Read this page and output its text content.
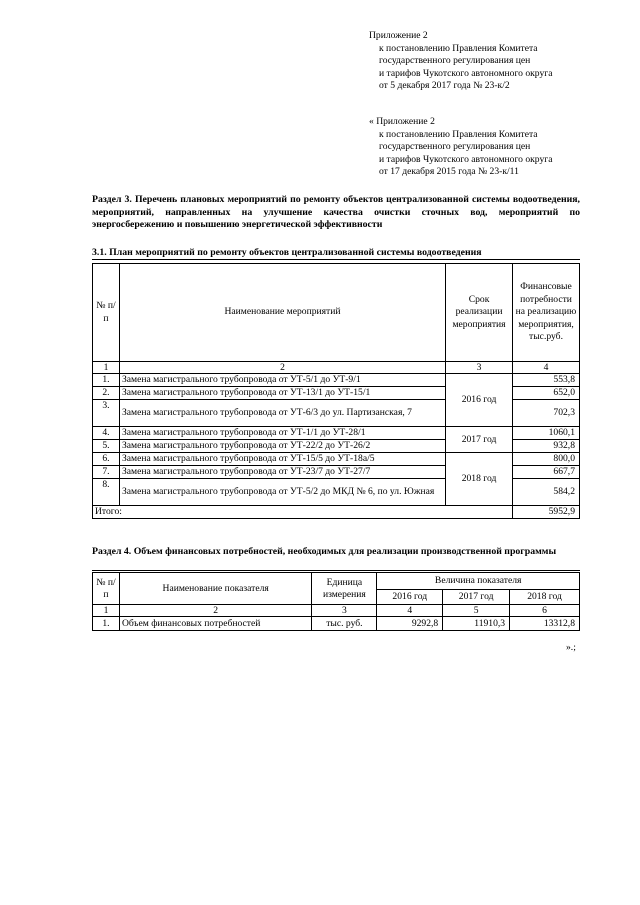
Приложение 2
к постановлению Правления Комитета
государственного регулирования цен
и тарифов Чукотского автономного округа
от 5 декабря 2017 года № 23-к/2
« Приложение 2
к постановлению Правления Комитета
государственного регулирования цен
и тарифов Чукотского автономного округа
от 17 декабря 2015 года № 23-к/11
Раздел 3. Перечень плановых мероприятий по ремонту объектов централизованной системы водоотведения, мероприятий, направленных на улучшение качества очистки сточных вод, мероприятий по энергосбережению и повышению энергетической эффективности
3.1. План мероприятий по ремонту объектов централизованной системы водоотведения
№ п/п	Наименование мероприятий	Срок реализации мероприятия	Финансовые потребности на реализацию мероприятия, тыс.руб.
1	2	3	4
1.	Замена магистрального трубопровода от УТ-5/1 до УТ-9/1	2016 год	553,8
2.	Замена магистрального трубопровода от УТ-13/1 до УТ-15/1		652,0
3.	Замена магистрального трубопровода от УТ-6/3 до ул. Партизанская, 7		702,3
4.	Замена магистрального трубопровода от УТ-1/1 до УТ-28/1	2017 год	1060,1
5.	Замена магистрального трубопровода от УТ-22/2 до УТ-26/2		932,8
6.	Замена магистрального трубопровода от УТ-15/5 до УТ-18а/5	2018 год	800,0
7.	Замена магистрального трубопровода от УТ-23/7 до УТ-27/7		667,7
8.	Замена магистрального трубопровода от УТ-5/2 до МКД № 6, по ул. Южная		584,2
Итого:			5952,9
Раздел 4. Объем финансовых потребностей, необходимых для реализации производственной программы
№ п/п	Наименование показателя	Единица измерения	Величина показателя		
			2016 год	2017 год	2018 год
1	2	3	4	5	6
1.	Объем финансовых потребностей	тыс. руб.	9292,8	11910,3	13312,8
».;
